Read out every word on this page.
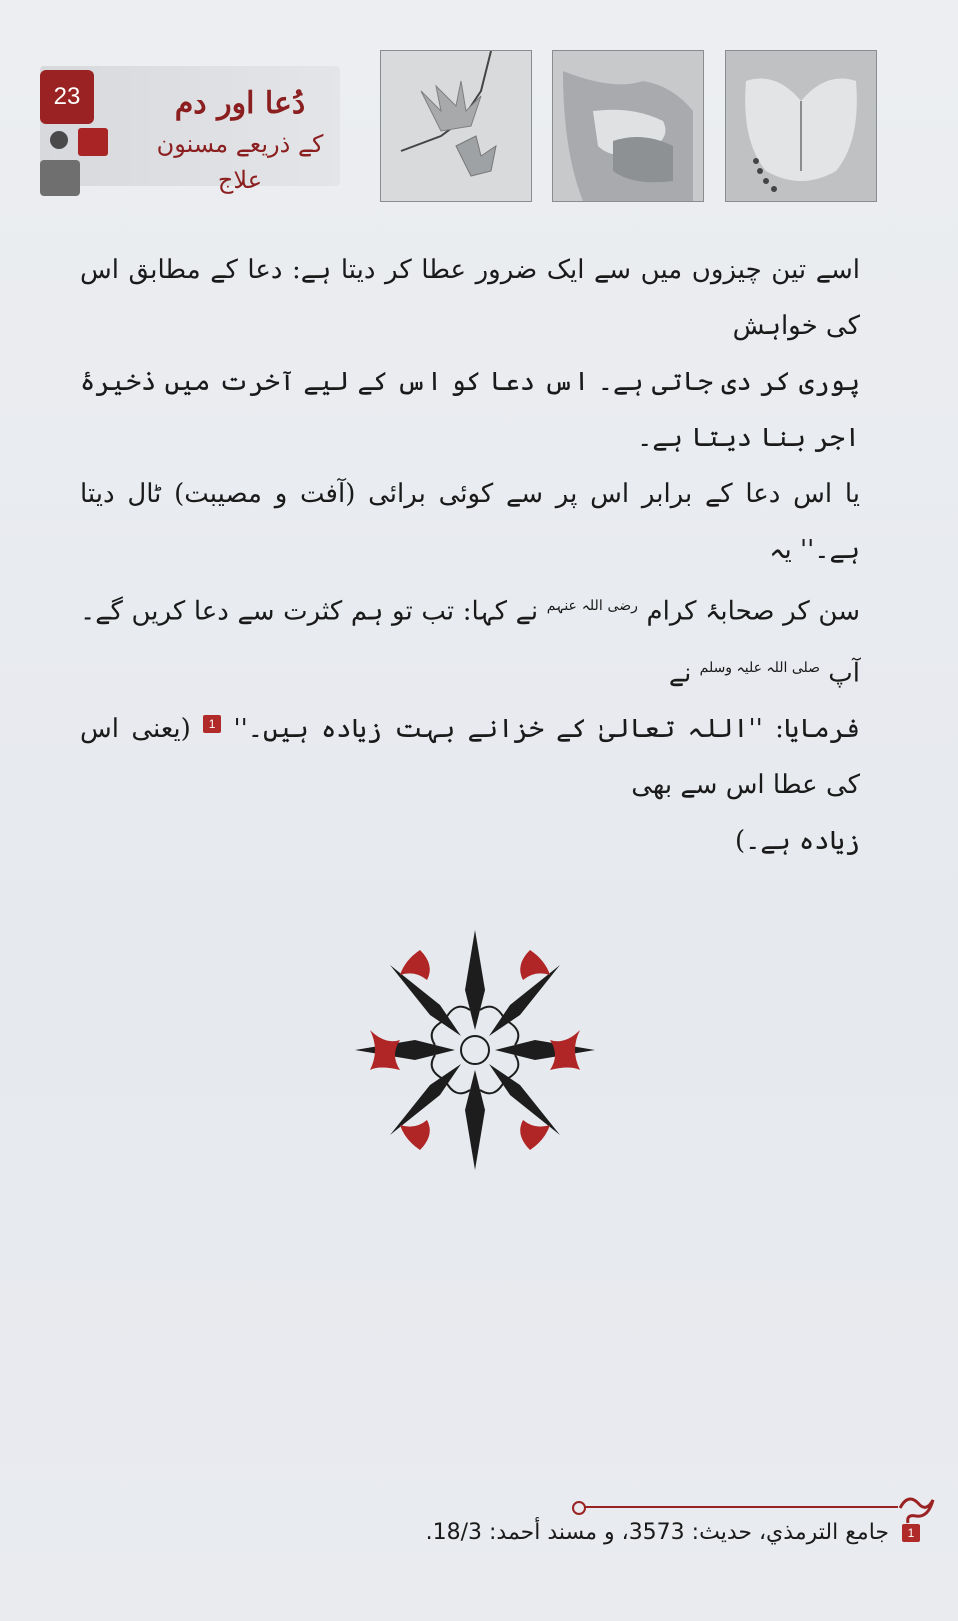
23	دُعا اور دم
کے ذریعے مسنون علاج

اسے تین چیزوں میں سے ایک ضرور عطا کر دیتا ہے: دعا کے مطابق اس کی خواہش

پوری کر دی جاتی ہے۔ اس دعا کو اس کے لیے آخرت میں ذخیرۂ اجر بنا دیتا ہے۔

یا اس دعا کے برابر اس پر سے کوئی برائی (آفت و مصیبت) ٹال دیتا ہے۔'' یہ

سن کر صحابۂ کرام $^{رضی اللہ عنہم}$ نے کہا: تب تو ہم کثرت سے دعا کریں گے۔ آپ $^{صلی اللہ علیہ وسلم}$ نے

فرمایا: ''اللہ تعالیٰ کے خزانے بہت زیادہ ہیں۔'' 1 (یعنی اس کی عطا اس سے بھی

زیادہ ہے۔)

1 جامع الترمذي، حديث: 3573، و مسند أحمد: 18/3.
